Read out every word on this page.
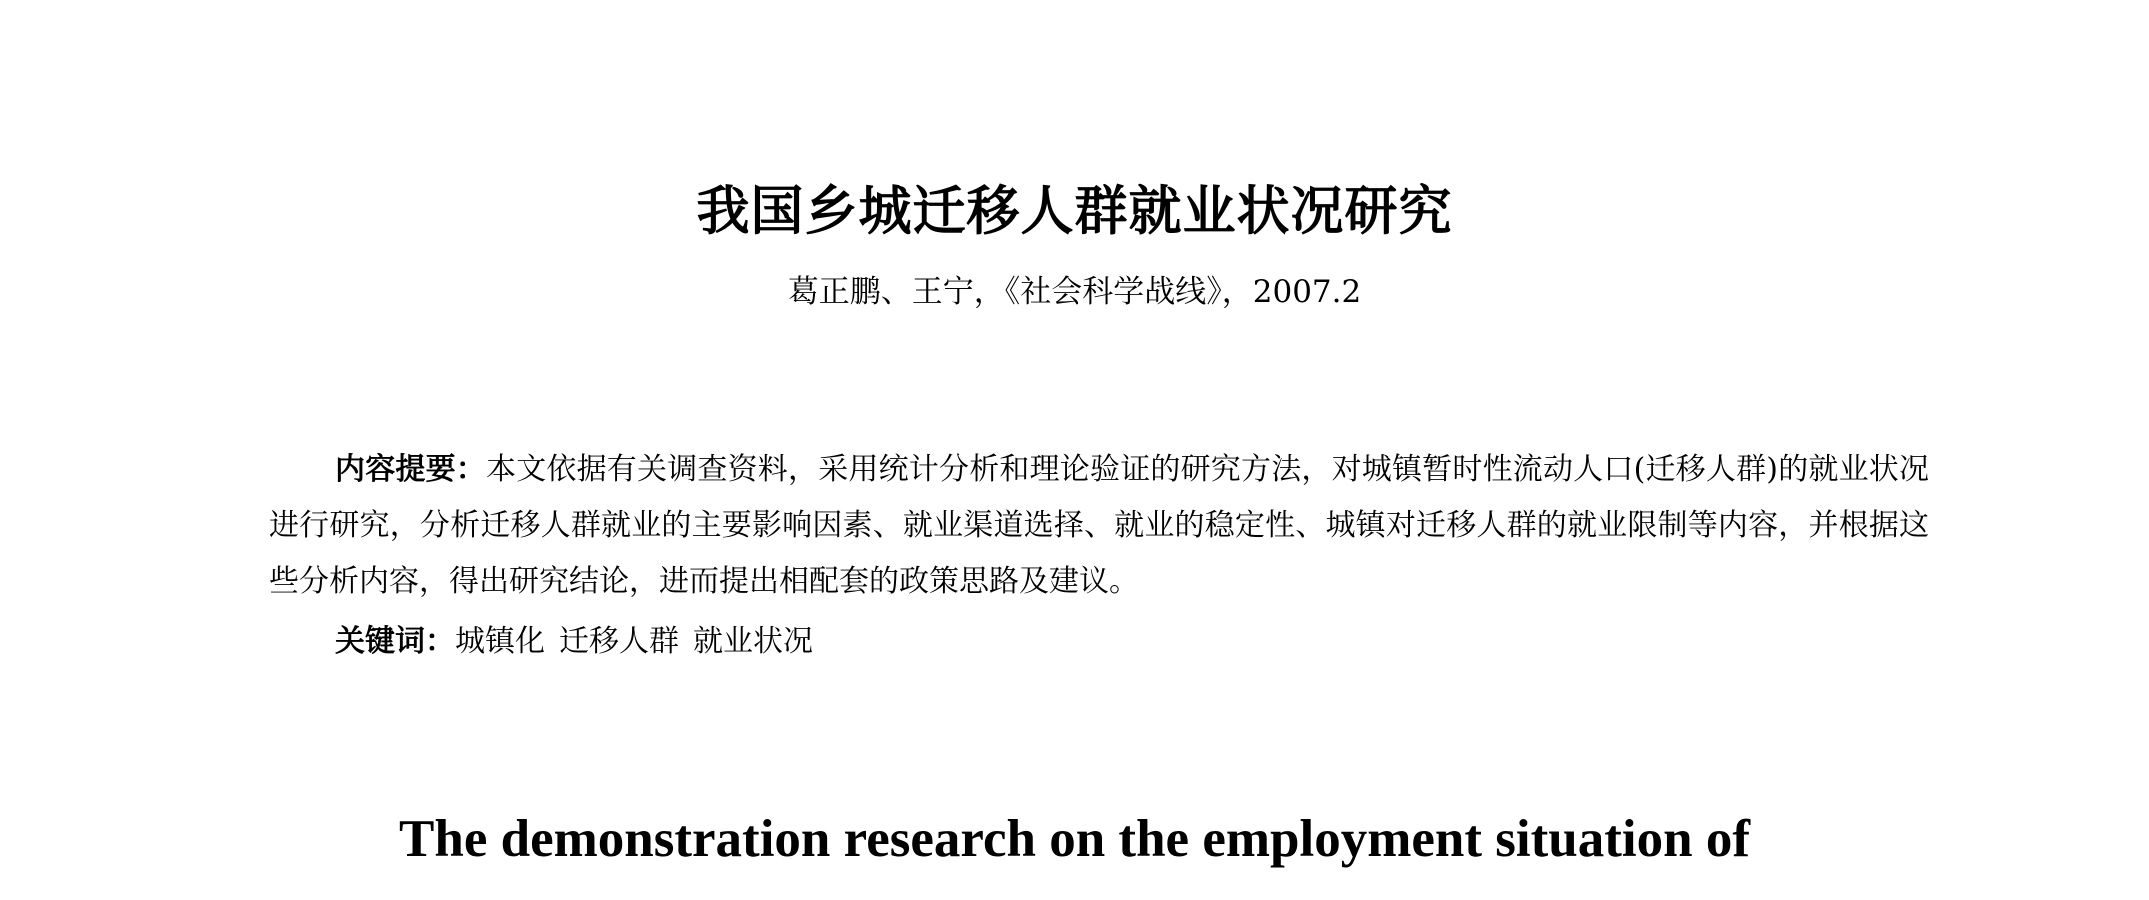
我国乡城迁移人群就业状况研究
葛正鹏、王宁，《社会科学战线》，2007.2

内容提要：本文依据有关调查资料，采用统计分析和理论验证的研究方法，对城镇暂时性流动人口(迁移人群)的就业状况进行研究，分析迁移人群就业的主要影响因素、就业渠道选择、就业的稳定性、城镇对迁移人群的就业限制等内容，并根据这些分析内容，得出研究结论，进而提出相配套的政策思路及建议。

关键词：城镇化 迁移人群 就业状况
The demonstration research on the employment situation of
